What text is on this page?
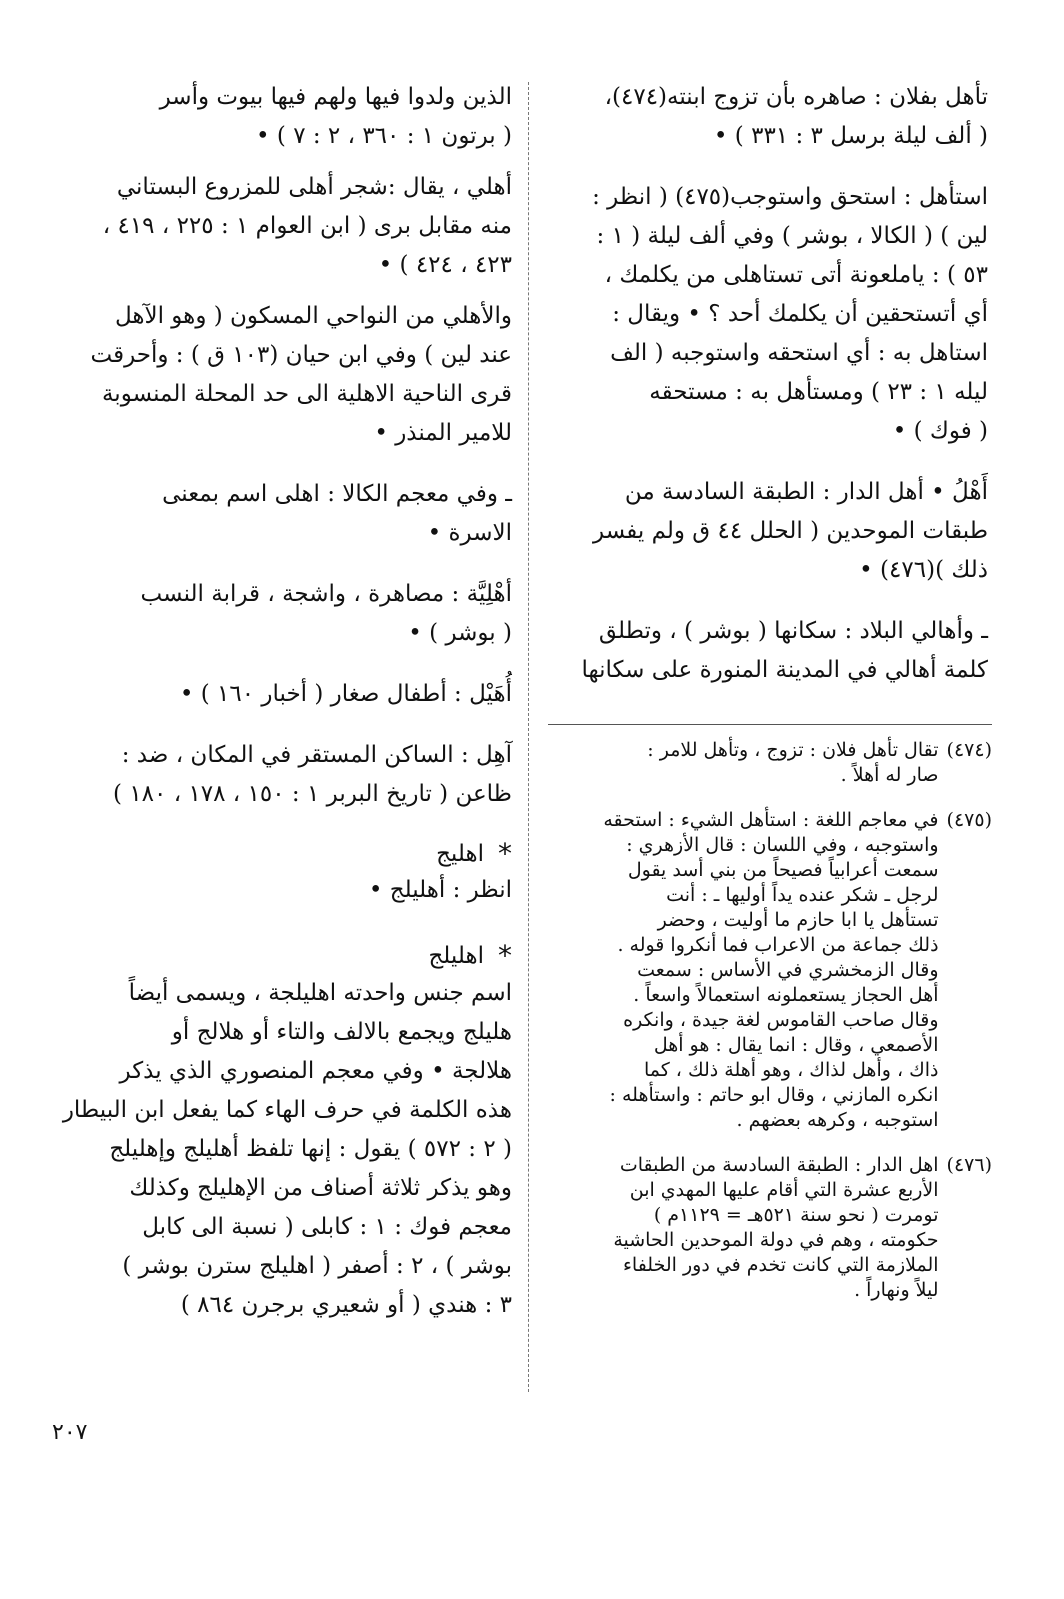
تأهل بفلان : صاهره بأن تزوج ابنته(٤٧٤)،
( ألف ليلة برسل ٣ : ٣٣١ ) •

استأهل : استحق واستوجب(٤٧٥) ( انظر :
لين ) ( الكالا ، بوشر ) وفي ألف ليلة ( ١ :
٥٣ ) : ياملعونة أتى تستاهلى من يكلمك ،
أي أتستحقين أن يكلمك أحد ؟ • ويقال :
استاهل به : أي استحقه واستوجبه ( الف
ليله ١ : ٢٣ ) ومستأهل به : مستحقه
( فوك ) •

أَهْلُ • أهل الدار : الطبقة السادسة من
طبقات الموحدين ( الحلل ٤٤ ق ولم يفسر
ذلك )(٤٧٦) •

ـ وأهالي البلاد : سكانها ( بوشر ) ، وتطلق
كلمة أهالي في المدينة المنورة على سكانها

(٤٧٤)
تقال تأهل فلان : تزوج ، وتأهل للامر :
صار له أهلاً .
(٤٧٥)
في معاجم اللغة : استأهل الشيء : استحقه
واستوجبه ، وفي اللسان : قال الأزهري :
سمعت أعرابياً فصيحاً من بني أسد يقول
لرجل ـ شكر عنده يداً أوليها ـ : أنت
تستأهل يا ابا حازم ما أوليت ، وحضر
ذلك جماعة من الاعراب فما أنكروا قوله .
وقال الزمخشري في الأساس : سمعت
أهل الحجاز يستعملونه استعمالاً واسعاً .
وقال صاحب القاموس لغة جيدة ، وانكره
الأصمعي ، وقال : انما يقال : هو أهل
ذاك ، وأهل لذاك ، وهو أهلة ذلك ، كما
انكره المازني ، وقال ابو حاتم : واستأهله :
استوجبه ، وكرهه بعضهم .
(٤٧٦)
اهل الدار : الطبقة السادسة من الطبقات
الأربع عشرة التي أقام عليها المهدي ابن
تومرت ( نحو سنة ٥٢١هـ = ١١٢٩م )
حكومته ، وهم في دولة الموحدين الحاشية
الملازمة التي كانت تخدم في دور الخلفاء
ليلاً ونهاراً .

الذين ولدوا فيها ولهم فيها بيوت وأسر
( برتون ١ : ٣٦٠ ، ٢ : ٧ ) •

أهلي ، يقال :شجر أهلى للمزروع البستاني
منه مقابل برى ( ابن العوام ١ : ٢٢٥ ، ٤١٩ ،
٤٢٣ ، ٤٢٤ ) •

والأهلي من النواحي المسكون ( وهو الآهل
عند لين ) وفي ابن حيان (١٠٣ ق ) : وأحرقت
قرى الناحية الاهلية الى حد المحلة المنسوبة
للامير المنذر •

ـ وفي معجم الكالا : اهلى اسم بمعنى
الاسرة •

أهْلِيَّة : مصاهرة ، واشجة ، قرابة النسب
( بوشر ) •

أُهَيْل : أطفال صغار ( أخبار ١٦٠ ) •

آهِل : الساكن المستقر في المكان ، ضد :
ظاعن ( تاريخ البربر ١ : ١٥٠ ، ١٧٨ ، ١٨٠ )

*
اهليج

انظر : أهليلج •

*
اهليلج

اسم جنس واحدته اهليلجة ، ويسمى أيضاً
هليلج ويجمع بالالف والتاء أو هلالج أو
هلالجة • وفي معجم المنصوري الذي يذكر
هذه الكلمة في حرف الهاء كما يفعل ابن البيطار
( ٢ : ٥٧٢ ) يقول : إنها تلفظ أهليلج وإهليلج
وهو يذكر ثلاثة أصناف من الإهليلج وكذلك
معجم فوك : ١ : كابلى ( نسبة الى كابل
بوشر ) ، ٢ : أصفر ( اهليلج سترن بوشر )
٣ : هندي ( أو شعيري برجرن ٨٦٤ )

٢٠٧
